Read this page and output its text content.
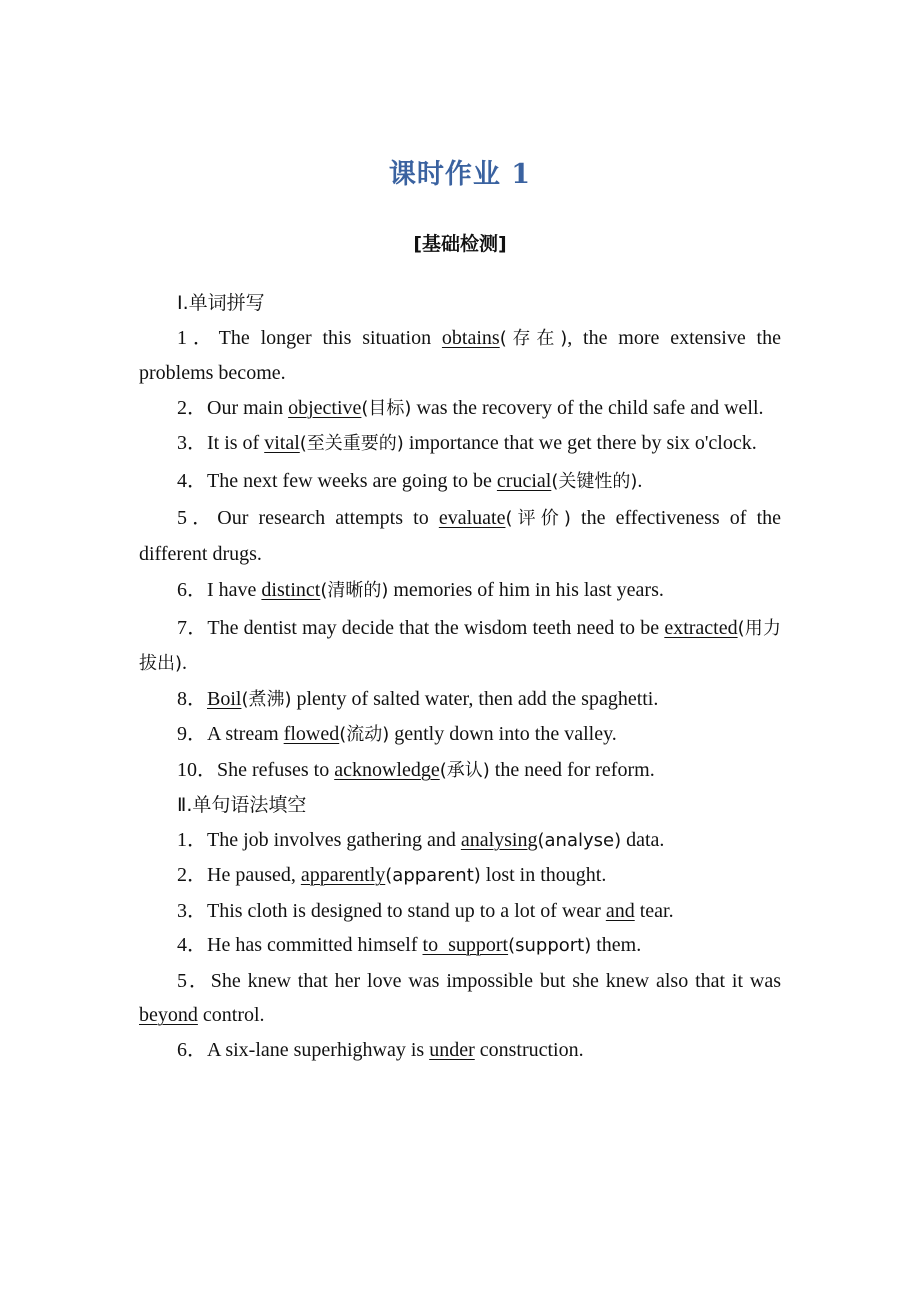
课时作业 1
[基础检测]

Ⅰ.单词拼写

1．The longer this situation obtains(存在), the more extensive the problems become.

2．Our main objective(目标) was the recovery of the child safe and well.

3．It is of vital(至关重要的) importance that we get there by six o'clock.

4．The next few weeks are going to be crucial(关键性的).

5．Our research attempts to evaluate(评价) the effectiveness of the different drugs.

6．I have distinct(清晰的) memories of him in his last years.

7．The dentist may decide that the wisdom teeth need to be extracted(用力拔出).

8．Boil(煮沸) plenty of salted water, then add the spaghetti.

9．A stream flowed(流动) gently down into the valley.

10．She refuses to acknowledge(承认) the need for reform.

Ⅱ.单句语法填空

1．The job involves gathering and analysing(analyse) data.

2．He paused, apparently(apparent) lost in thought.

3．This cloth is designed to stand up to a lot of wear and tear.

4．He has committed himself to  support(support) them.

5．She knew that her love was impossible but she knew also that it was beyond control.

6．A six-lane superhighway is under construction.
